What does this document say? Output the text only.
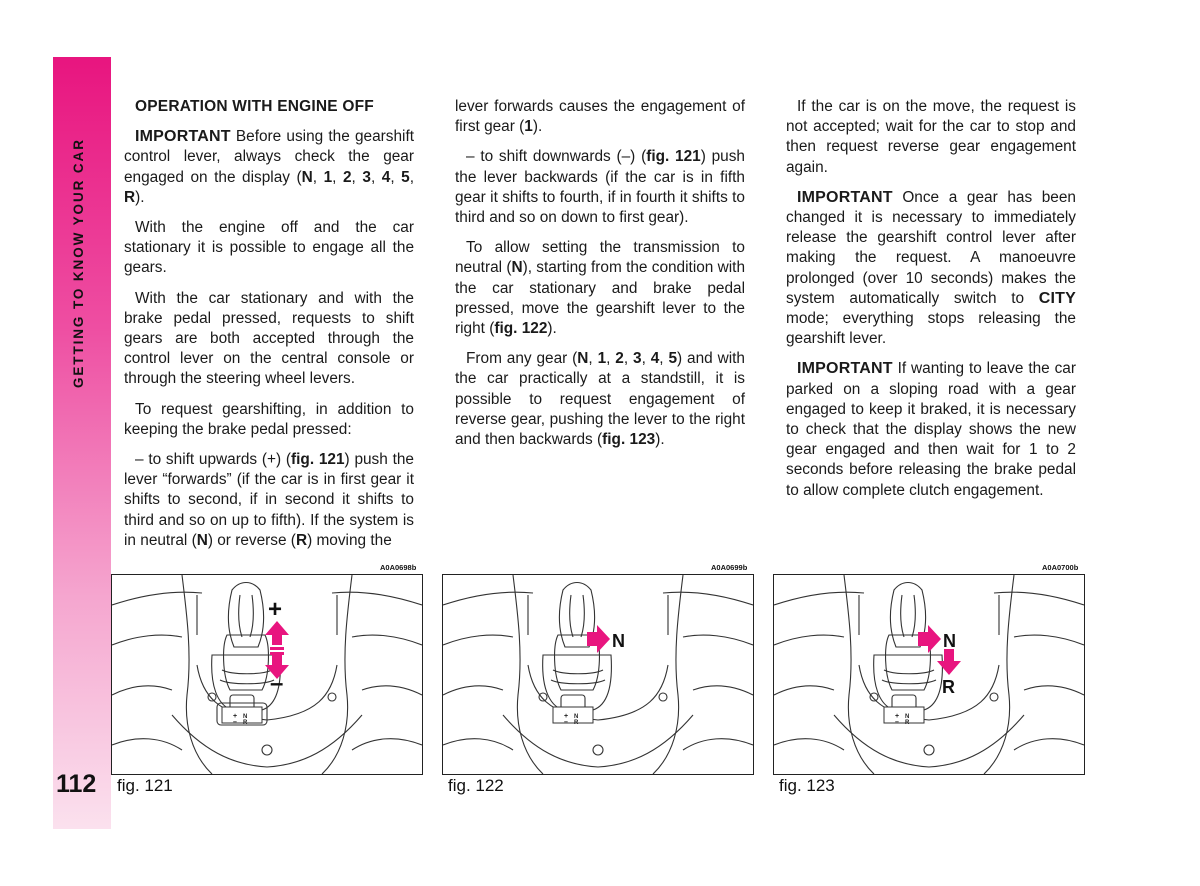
GETTING TO KNOW YOUR CAR
112

OPERATION WITH ENGINE OFF

IMPORTANT Before using the gearshift control lever, always check the gear engaged on the display (N, 1, 2, 3, 4, 5, R).

With the engine off and the car stationary it is possible to engage all the gears.

With the car stationary and with the brake pedal pressed, requests to shift gears are both accepted through the control lever on the central console or through the steering wheel levers.

To request gearshifting, in addition to keeping the brake pedal pressed:

– to shift upwards (+) (fig. 121) push the lever “forwards” (if the car is in first gear it shifts to second, if in second it shifts to third and so on up to fifth). If the system is in neutral (N) or reverse (R) moving the

lever forwards causes the engagement of first gear (1).

– to shift downwards (–) (fig. 121) push the lever backwards (if the car is in fifth gear it shifts to fourth, if in fourth it shifts to third and so on down to first gear).

To allow setting the transmission to neutral (N), starting from the condition with the car stationary and brake pedal pressed, move the gearshift lever to the right (fig. 122).

From any gear (N, 1, 2, 3, 4, 5) and with the car practically at a standstill, it is possible to request engagement of reverse gear, pushing the lever to the right and then backwards (fig. 123).

If the car is on the move, the request is not accepted; wait for the car to stop and then request reverse gear engagement again.

IMPORTANT Once a gear has been changed it is necessary to immediately release the gearshift control lever after making the request. A manoeuvre prolonged (over 10 seconds) makes the system automatically switch to CITY mode; everything stops releasing the gearshift lever.

IMPORTANT If wanting to leave the car parked on a sloping road with a gear engaged to keep it braked, it is necessary to check that the display shows the new gear engaged and then wait for 1 to 2 seconds before releasing the brake pedal to allow complete clutch engagement.

A0A0698b	A0A0699b	A0A0700b
+
–
N
R
+
–
+
–
N
R
N
+
–
N
R
N
R
fig. 121	fig. 122	fig. 123
